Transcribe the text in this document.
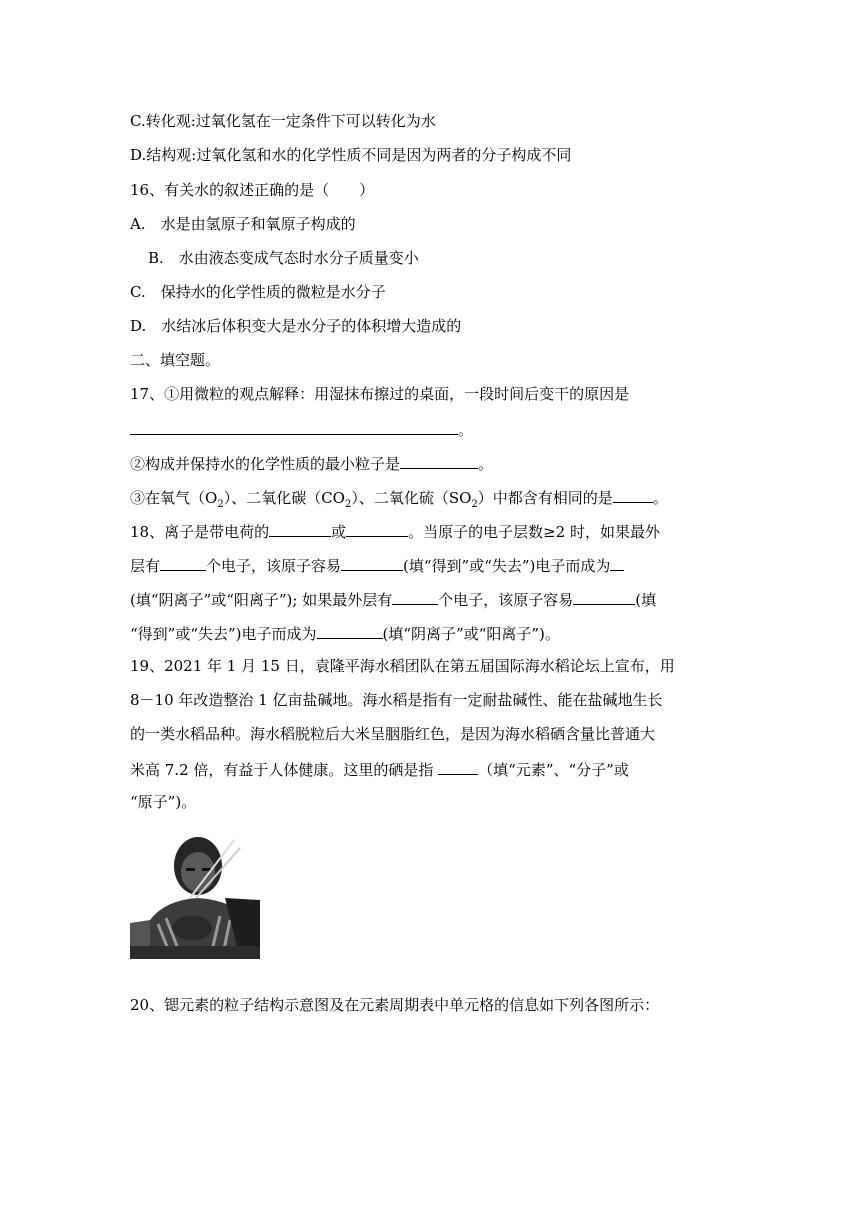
C.转化观:过氧化氢在一定条件下可以转化为水
D.结构观:过氧化氢和水的化学性质不同是因为两者的分子构成不同
16、有关水的叙述正确的是（　　）
A.　水是由氢原子和氧原子构成的
B.　水由液态变成气态时水分子质量变小
C.　保持水的化学性质的微粒是水分子
D.　水结冰后体积变大是水分子的体积增大造成的
二、填空题。
17、①用微粒的观点解释：用湿抹布擦过的桌面，一段时间后变干的原因是
。
②构成并保持水的化学性质的最小粒子是	。
③在氧气$(O_2)$、二氧化碳$(CO_2)$、二氧化硫$(SO_2)$中都含有相同的是	。
18、离子是带电荷的	或	。当原子的电子层数≥2 时，如果最外
层有	个电子，该原子容易	(填“得到”或“失去”)电子而成为
(填“阴离子”或“阳离子”); 如果最外层有	个电子，该原子容易	(填
“得到”或“失去”)电子而成为	(填“阴离子”或“阳离子”)。
19、2021 年 1 月 15 日，袁隆平海水稻团队在第五届国际海水稻论坛上宣布，用
8－10 年改造整治 1 亿亩盐碱地。海水稻是指有一定耐盐碱性、能在盐碱地生长
的一类水稻品种。海水稻脱粒后大米呈胭脂红色，是因为海水稻硒含量比普通大
米高 7.2 倍，有益于人体健康。这里的硒是指	（填“元素”、“分子”或
“原子”)。
20、锶元素的粒子结构示意图及在元素周期表中单元格的信息如下列各图所示：
